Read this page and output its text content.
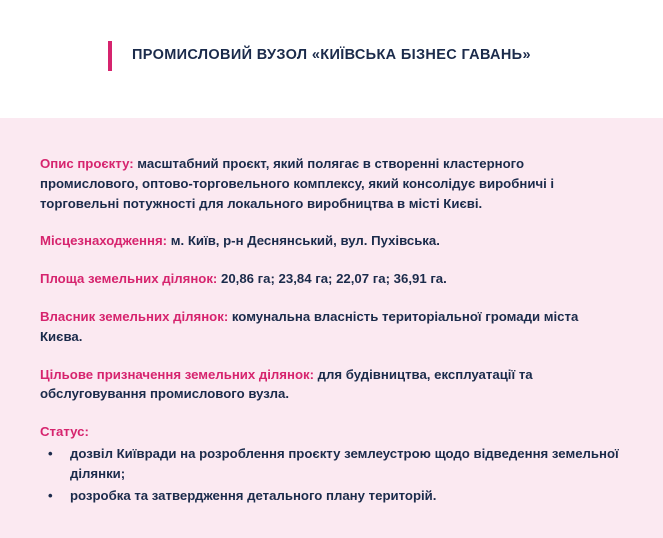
ПРОМИСЛОВИЙ ВУЗОЛ «КИЇВСЬКА БІЗНЕС ГАВАНЬ»

Опис проєкту: масштабний проєкт, який полягає в створенні кластерного промислового, оптово-торговельного комплексу, який консолідує виробничі і торговельні потужності для локального виробництва в місті Києві.

Місцезнаходження: м. Київ, р-н Деснянський, вул. Пухівська.

Площа земельних ділянок: 20,86 га; 23,84 га; 22,07 га; 36,91 га.

Власник земельних ділянок: комунальна власність територіальної громади міста Києва.

Цільове призначення земельних ділянок: для будівництва, експлуатації та обслуговування промислового вузла.

Статус:

• дозвіл Київради на розроблення проєкту землеустрою щодо відведення земельної ділянки;
• розробка та затвердження детального плану територій.
